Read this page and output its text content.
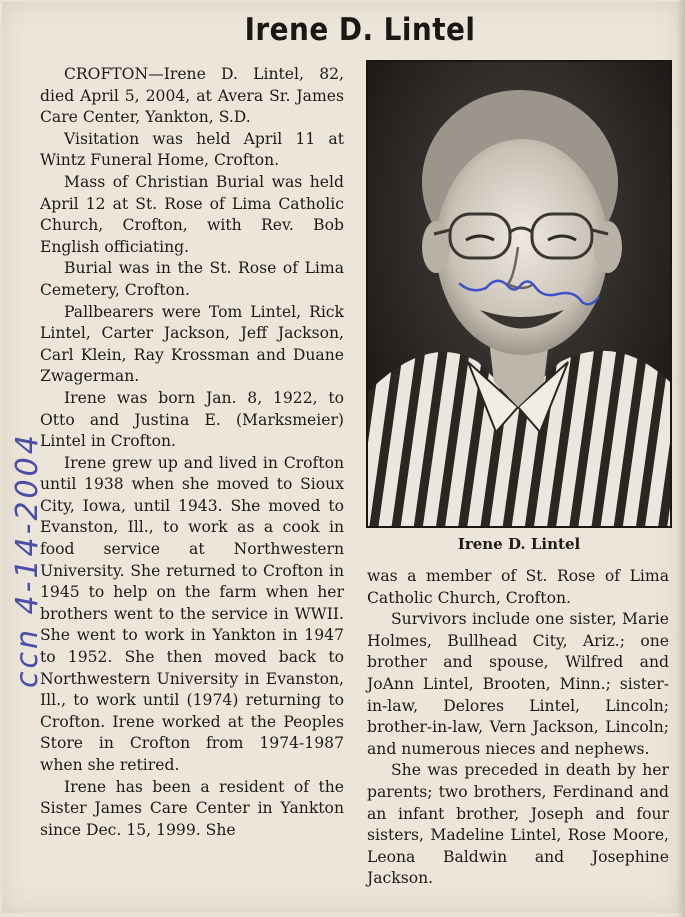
Irene D. Lintel

CROFTON—Irene D. Lintel, 82, died April 5, 2004, at Avera Sr. James Care Center, Yankton, S.D.

Visitation was held April 11 at Wintz Funeral Home, Crofton.

Mass of Christian Burial was held April 12 at St. Rose of Lima Catholic Church, Crofton, with Rev. Bob English officiating.

Burial was in the St. Rose of Lima Cemetery, Crofton.

Pallbearers were Tom Lintel, Rick Lintel, Carter Jackson, Jeff Jackson, Carl Klein, Ray Krossman and Duane Zwagerman.

Irene was born Jan. 8, 1922, to Otto and Justina E. (Marksmeier) Lintel in Crofton.

Irene grew up and lived in Crofton until 1938 when she moved to Sioux City, Iowa, until 1943. She moved to Evanston, Ill., to work as a cook in food service at Northwestern University. She returned to Crofton in 1945 to help on the farm when her brothers went to the service in WWII. She went to work in Yankton in 1947 to 1952. She then moved back to Northwestern University in Evanston, Ill., to work until (1974) returning to Crofton. Irene worked at the Peoples Store in Crofton from 1974-1987 when she retired.

Irene has been a resident of the Sister James Care Center in Yankton since Dec. 15, 1999. She

Irene D. Lintel

was a member of St. Rose of Lima Catholic Church, Crofton.

Survivors include one sister, Marie Holmes, Bullhead City, Ariz.; one brother and spouse, Wilfred and JoAnn Lintel, Brooten, Minn.; sister-in-law, Delores Lintel, Lincoln; brother-in-law, Vern Jackson, Lincoln; and numerous nieces and nephews.

She was preceded in death by her parents; two brothers, Ferdinand and an infant brother, Joseph and four sisters, Madeline Lintel, Rose Moore, Leona Baldwin and Josephine Jackson.

ccn 4-14-2004
